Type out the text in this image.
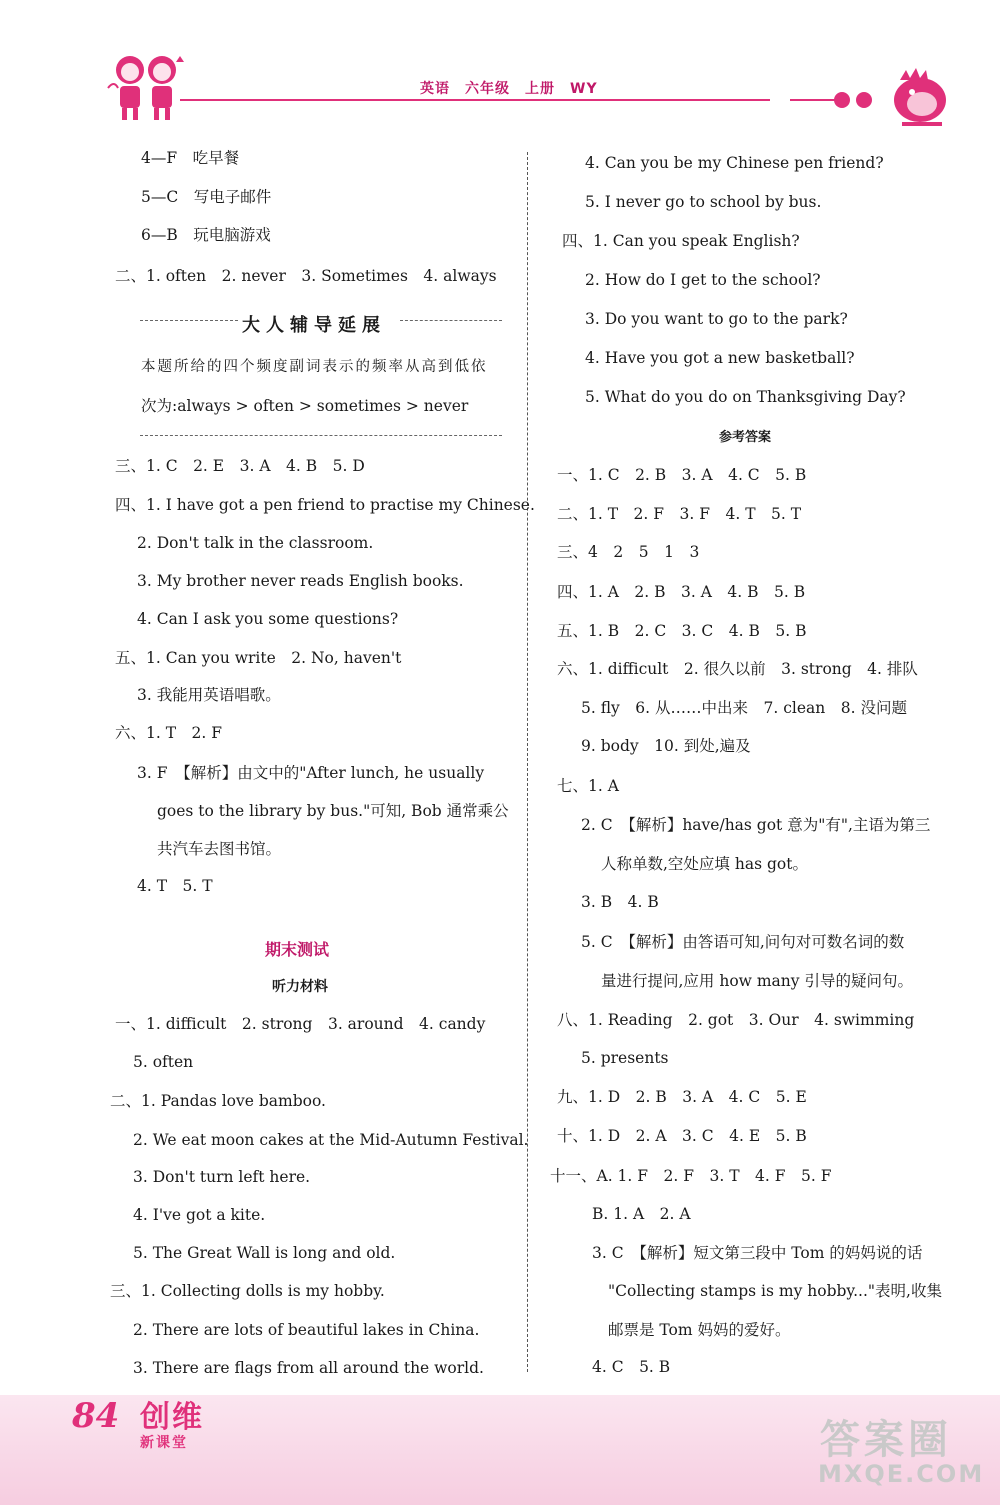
英语　六年级　上册　WY
4—F　吃早餐
5—C　写电子邮件
6—B　玩电脑游戏
二、1. often　2. never　3. Sometimes　4. always
大人辅导延展
本题所给的四个频度副词表示的频率从高到低依
次为:always > often > sometimes > never
三、1. C　2. E　3. A　4. B　5. D
四、1. I have got a pen friend to practise my Chinese.
2. Don't talk in the classroom.
3. My brother never reads English books.
4. Can I ask you some questions?
五、1. Can you write　2. No, haven't
3. 我能用英语唱歌。
六、1. T　2. F
3. F　【解析】由文中的"After lunch, he usually
goes to the library by bus."可知, Bob 通常乘公
共汽车去图书馆。
4. T　5. T
期末测试
听力材料
一、1. difficult　2. strong　3. around　4. candy
5. often
二、1. Pandas love bamboo.
2. We eat moon cakes at the Mid-Autumn Festival.
3. Don't turn left here.
4. I've got a kite.
5. The Great Wall is long and old.
三、1. Collecting dolls is my hobby.
2. There are lots of beautiful lakes in China.
3. There are flags from all around the world.
4. Can you be my Chinese pen friend?
5. I never go to school by bus.
四、1. Can you speak English?
2. How do I get to the school?
3. Do you want to go to the park?
4. Have you got a new basketball?
5. What do you do on Thanksgiving Day?
参考答案
一、1. C　2. B　3. A　4. C　5. B
二、1. T　2. F　3. F　4. T　5. T
三、4　2　5　1　3
四、1. A　2. B　3. A　4. B　5. B
五、1. B　2. C　3. C　4. B　5. B
六、1. difficult　2. 很久以前　3. strong　4. 排队
5. fly　6. 从……中出来　7. clean　8. 没问题
9. body　10. 到处,遍及
七、1. A
2. C　【解析】have/has got 意为"有",主语为第三
人称单数,空处应填 has got。
3. B　4. B
5. C　【解析】由答语可知,问句对可数名词的数
量进行提问,应用 how many 引导的疑问句。
八、1. Reading　2. got　3. Our　4. swimming
5. presents
九、1. D　2. B　3. A　4. C　5. E
十、1. D　2. A　3. C　4. E　5. B
十一、A. 1. F　2. F　3. T　4. F　5. F
B. 1. A　2. A
3. C　【解析】短文第三段中 Tom 的妈妈说的话
"Collecting stamps is my hobby..."表明,收集
邮票是 Tom 妈妈的爱好。
4. C　5. B
84 创维
新课堂	答案圈
MXQE.COM
